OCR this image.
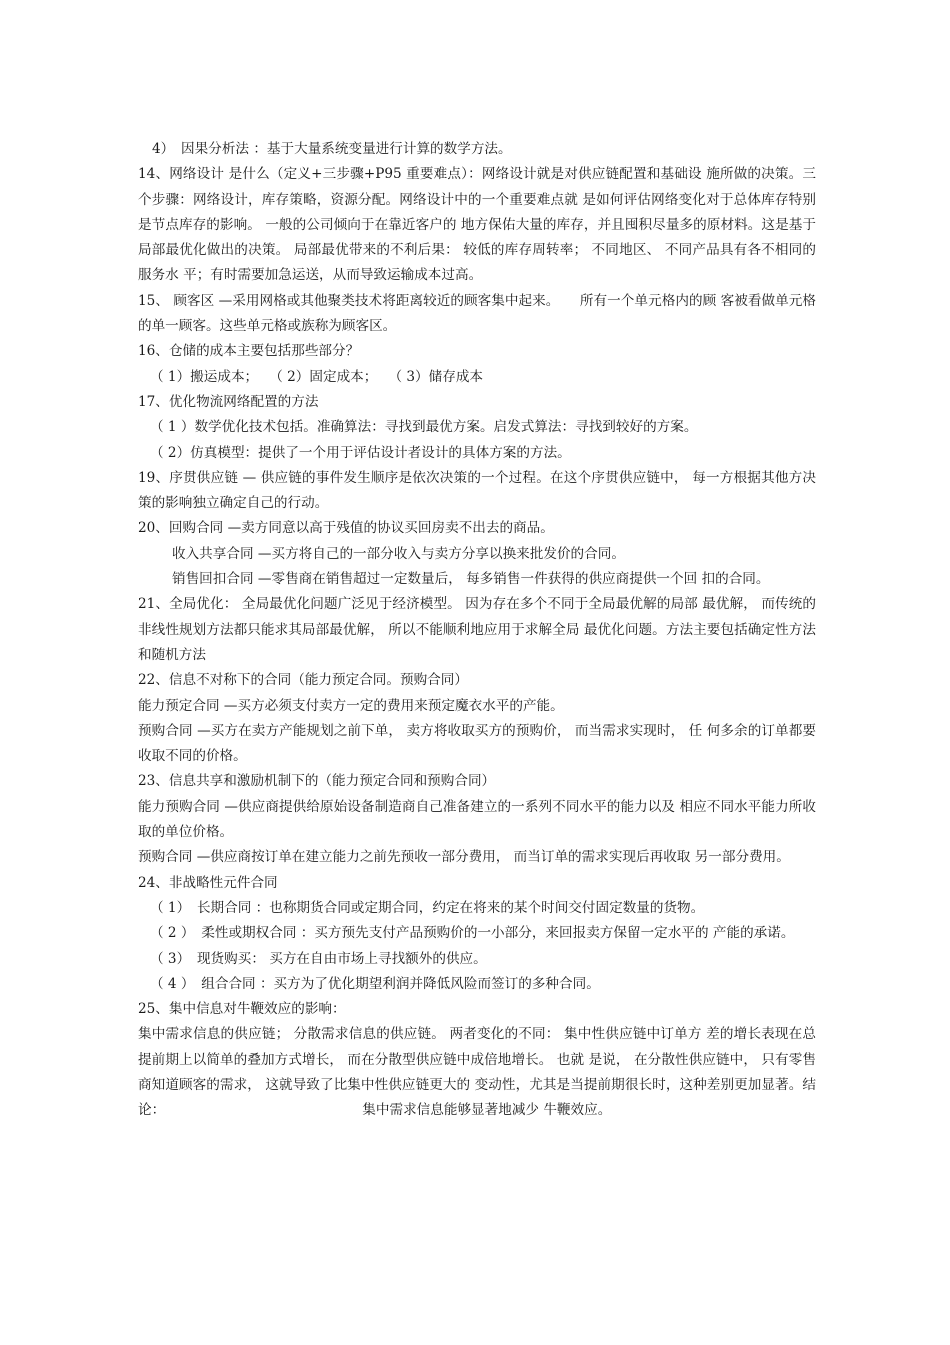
4）　因果分析法 ：基于大量系统变量进行计算的数学方法。

14、网络设计 是什么（定义+三步骤+P95 重要难点）：网络设计就是对供应链配置和基础设 施所做的决策。三个步骤：网络设计，库存策略，资源分配。网络设计中的一个重要难点就 是如何评估网络变化对于总体库存特别是节点库存的影响。 一般的公司倾向于在靠近客户的 地方保佑大量的库存，并且囤积尽量多的原材料。这是基于局部最优化做出的决策。 局部最优带来的不利后果： 较低的库存周转率； 不同地区、 不同产品具有各不相同的服务水 平；有时需要加急运送，从而导致运输成本过高。

15、 顾客区 —采用网格或其他聚类技术将距离较近的顾客集中起来。　　所有一个单元格内的顾 客被看做单元格的单一顾客。这些单元格或族称为顾客区。

16、仓储的成本主要包括那些部分？

（ 1）搬运成本；　 （ 2）固定成本；　 （ 3）储存成本

17、优化物流网络配置的方法

（ 1 ）数学优化技术包括。准确算法：寻找到最优方案。启发式算法：寻找到较好的方案。

（ 2）仿真模型：提供了一个用于评估设计者设计的具体方案的方法。

19、序贯供应链 — 供应链的事件发生顺序是依次决策的一个过程。在这个序贯供应链中， 每一方根据其他方决策的影响独立确定自己的行动。

20、回购合同 —卖方同意以高于残值的协议买回房卖不出去的商品。

收入共享合同 —买方将自己的一部分收入与卖方分享以换来批发价的合同。

销售回扣合同 —零售商在销售超过一定数量后， 每多销售一件获得的供应商提供一个回 扣的合同。

21、全局优化： 全局最优化问题广泛见于经济模型。 因为存在多个不同于全局最优解的局部 最优解， 而传统的非线性规划方法都只能求其局部最优解， 所以不能顺利地应用于求解全局 最优化问题。方法主要包括确定性方法和随机方法

22、信息不对称下的合同（能力预定合同。预购合同）

能力预定合同 —买方必须支付卖方一定的费用来预定魔衣水平的产能。

预购合同 —买方在卖方产能规划之前下单， 卖方将收取买方的预购价， 而当需求实现时， 任 何多余的订单都要收取不同的价格。

23、信息共享和激励机制下的（能力预定合同和预购合同）

能力预购合同 —供应商提供给原始设备制造商自己准备建立的一系列不同水平的能力以及 相应不同水平能力所收取的单位价格。

预购合同 —供应商按订单在建立能力之前先预收一部分费用， 而当订单的需求实现后再收取 另一部分费用。

24、非战略性元件合同

（ 1）　长期合同 ：也称期货合同或定期合同，约定在将来的某个时间交付固定数量的货物。

（ 2 ）　柔性或期权合同 ：买方预先支付产品预购价的一小部分，来回报卖方保留一定水平的 产能的承诺。

（ 3）　现货购买： 买方在自由市场上寻找额外的供应。

（ 4 ）　组合合同 ：买方为了优化期望利润并降低风险而签订的多种合同。

25、集中信息对牛鞭效应的影响：

集中需求信息的供应链； 分散需求信息的供应链。 两者变化的不同： 集中性供应链中订单方 差的增长表现在总提前期上以简单的叠加方式增长， 而在分散型供应链中成倍地增长。 也就 是说， 在分散性供应链中， 只有零售商知道顾客的需求， 这就导致了比集中性供应链更大的 变动性，尤其是当提前期很长时，这种差别更加显著。结论：　　　　　　　　　　　　　　　集中需求信息能够显著地减少 牛鞭效应。
